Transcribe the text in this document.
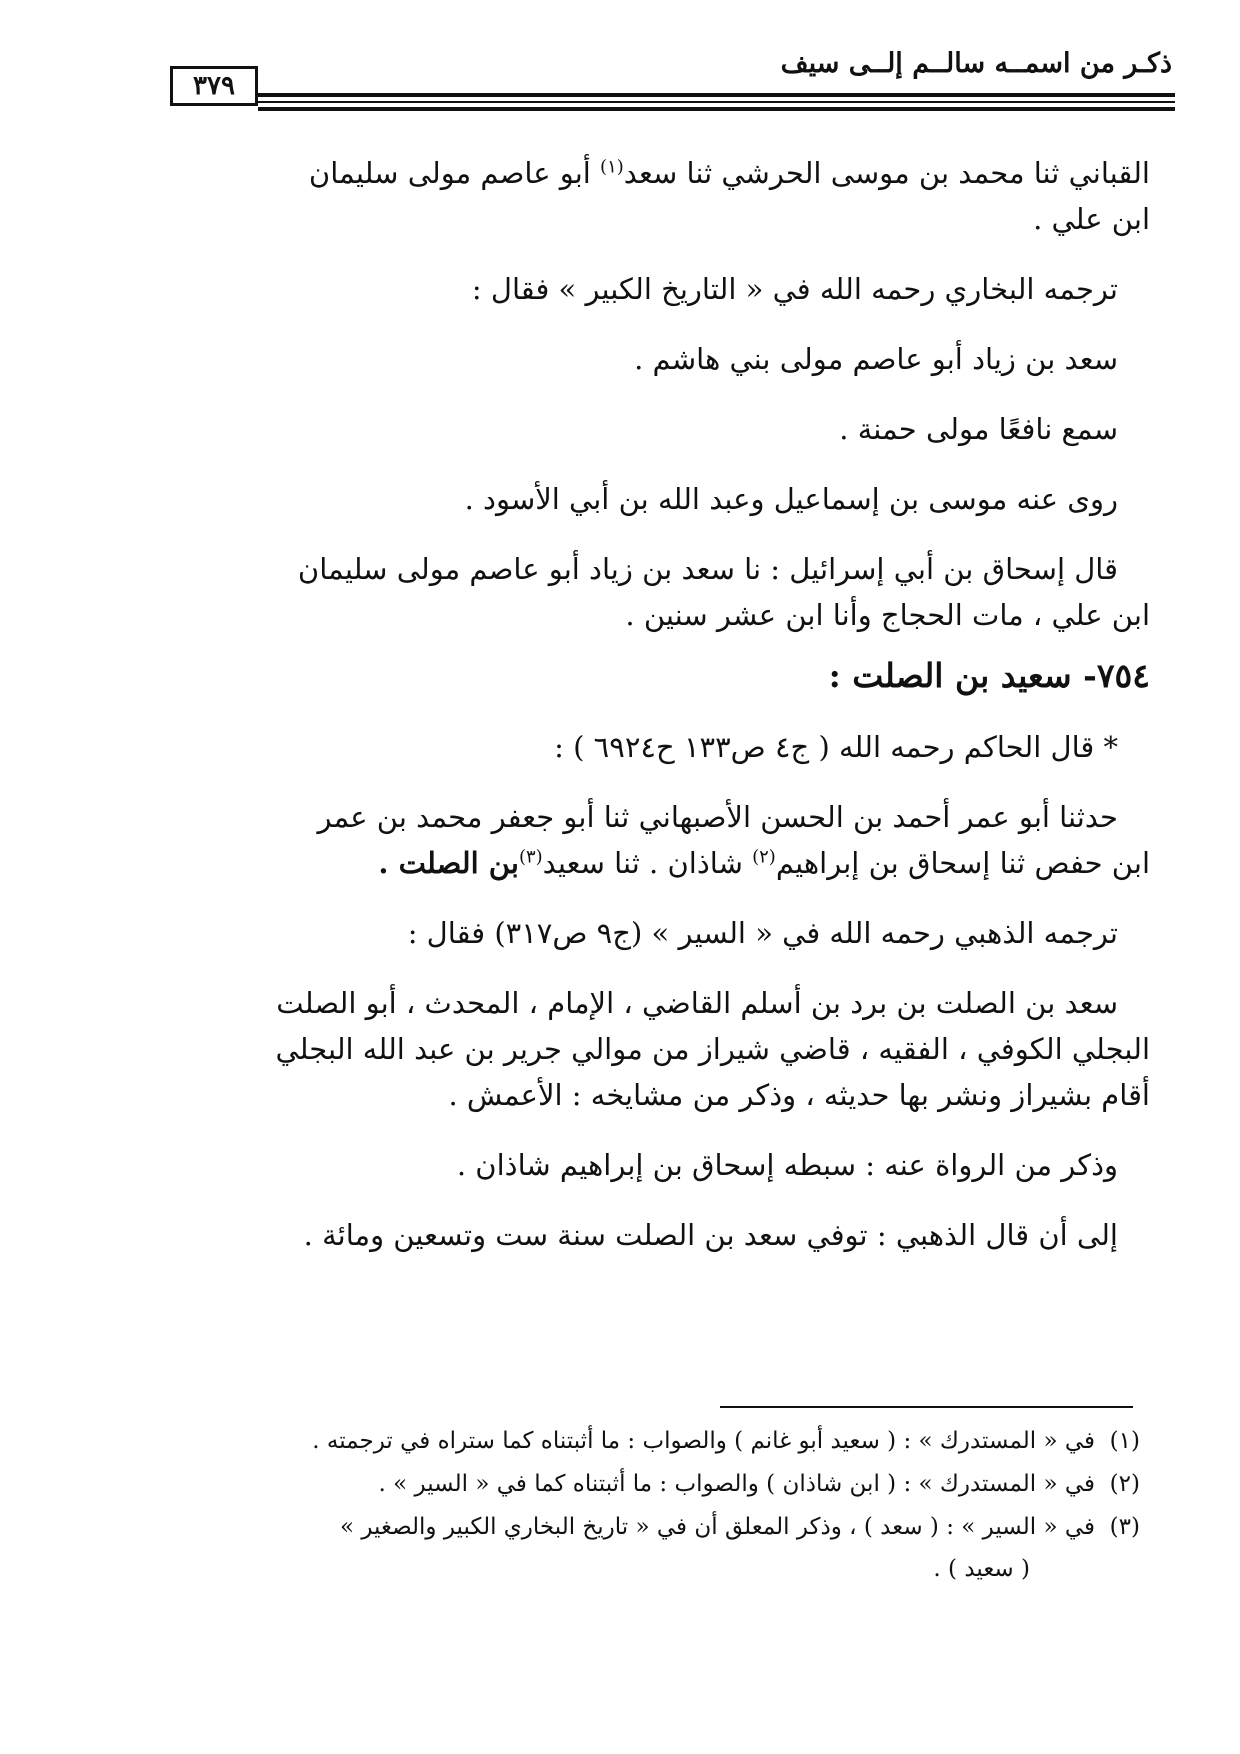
ذكـر من اسمــه سالــم إلــى سيف
٣٧٩

القباني ثنا محمد بن موسى الحرشي ثنا سعد$^{(١)}$ أبو عاصم مولى سليمان

ابن علي .

ترجمه البخاري رحمه الله في « التاريخ الكبير » فقال :

سعد بن زياد أبو عاصم مولى بني هاشم .

سمع نافعًا مولى حمنة .

روى عنه موسى بن إسماعيل وعبد الله بن أبي الأسود .

قال إسحاق بن أبي إسرائيل : نا سعد بن زياد أبو عاصم مولى سليمان

ابن علي ، مات الحجاج وأنا ابن عشر سنين .

٧٥٤- سعيد بن الصلت :

* قال الحاكم رحمه الله ( ج٤ ص١٣٣ ح٦٩٢٤ ) :

حدثنا أبو عمر أحمد بن الحسن الأصبهاني ثنا أبو جعفر محمد بن عمر

ابن حفص ثنا إسحاق بن إبراهيم$^{(٢)}$ شاذان . ثنا سعيد$^{(٣)}$بن الصلت .

ترجمه الذهبي رحمه الله في « السير » (ج٩ ص٣١٧) فقال :

سعد بن الصلت بن برد بن أسلم القاضي ، الإمام ، المحدث ، أبو الصلت

البجلي الكوفي ، الفقيه ، قاضي شيراز من موالي جرير بن عبد الله البجلي

أقام بشيراز ونشر بها حديثه ، وذكر من مشايخه : الأعمش .

وذكر من الرواة عنه : سبطه إسحاق بن إبراهيم شاذان .

إلى أن قال الذهبي : توفي سعد بن الصلت سنة ست وتسعين ومائة .

(١)  في « المستدرك » : ( سعيد أبو غانم ) والصواب : ما أثبتناه كما ستراه في ترجمته .

(٢)  في « المستدرك » : ( ابن شاذان ) والصواب : ما أثبتناه كما في « السير » .

(٣)  في « السير » : ( سعد ) ، وذكر المعلق أن في « تاريخ البخاري الكبير والصغير »

( سعيد ) .
